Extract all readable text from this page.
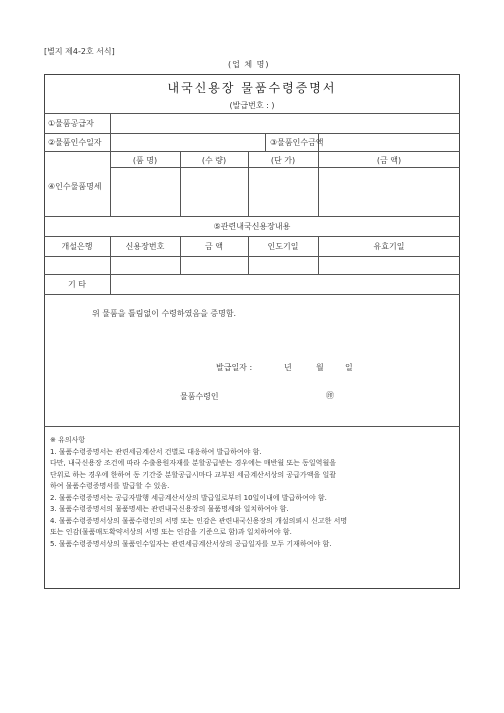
[별지 제4-2호 서식]
(업 체 명)
내국신용장 물품수령증명서
(발급번호 : )
①물품공급자
②물품인수일자	③물품인수금액
④인수물품명세
(품 명)	(수 량)	(단 가)	(금 액)
⑤관련내국신용장내용
개설은행	신용장번호	금 액	인도기일	유효기일
기 타
위 물품을 틀림없이 수령하였음을 증명함.
발급일자 :	년	월	일
물품수령인	㊞
※ 유의사항
1. 물품수령증명서는 관련세금계산서 건별로 대응하여 발급하여야 함.
다만, 내국신용장 조건에 따라 수출용원자재를 분할공급받는 경우에는 매반월 또는 동일역월을
단위로 하는 경우에 한하여 동 기간중 분할공급시마다 교부된 세금계산서상의 공급가액을 일괄
하여 물품수령증명서를 발급할 수 있음.
2. 물품수령증명서는 공급자발행 세금계산서상의 발급일로부터 10일이내에 발급하여야 함.
3. 물품수령증명서의 물품명세는 관련내국신용장의 물품명세와 일치하여야 함.
4. 물품수령증명서상의 물품수령인의 서명 또는 인감은 관련내국신용장의 개설의뢰시 신고한 서명
또는 인감(물품매도확약서상의 서명 또는 인감을 기준으로 함)과 일치하여야 함.
5. 물품수령증명서상의 물품인수일자는 관련세금계산서상의 공급일자를 모두 기재하여야 함.
